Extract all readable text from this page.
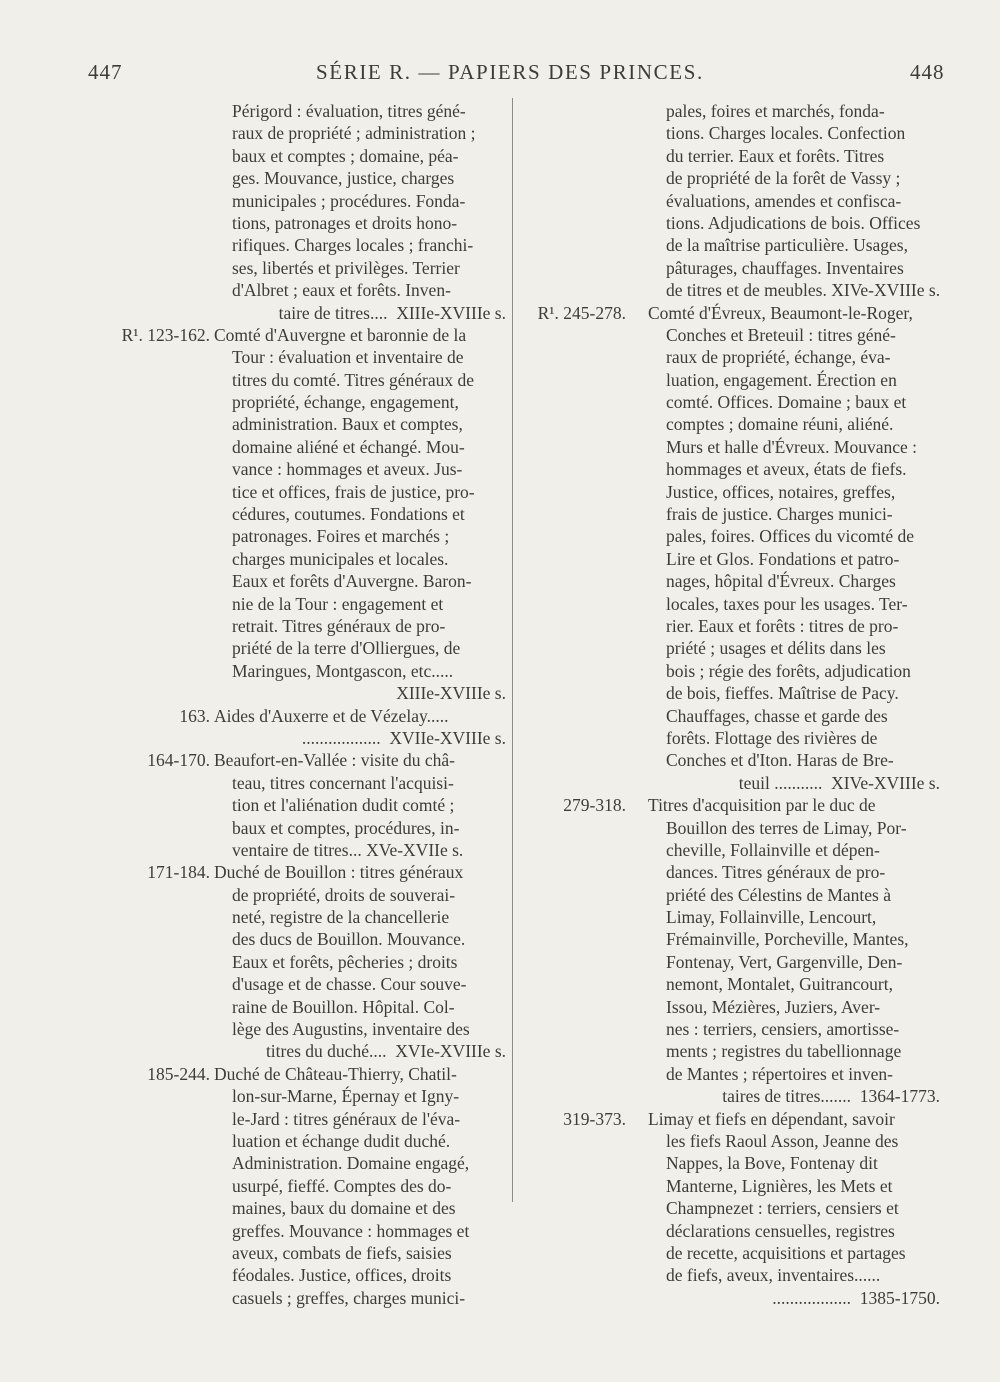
447	SÉRIE R. — PAPIERS DES PRINCES.	448
Périgord : évaluation, titres géné-
raux de propriété ; administration ;
baux et comptes ; domaine, péa-
ges. Mouvance, justice, charges
municipales ; procédures. Fonda-
tions, patronages et droits hono-
rifiques. Charges locales ; franchi-
ses, libertés et privilèges. Terrier
d'Albret ; eaux et forêts. Inven-
taire de titres....  XIIIe-XVIIIe s.
R¹. 123-162. Comté d'Auvergne et baronnie de la
Tour : évaluation et inventaire de
titres du comté. Titres généraux de
propriété, échange, engagement,
administration. Baux et comptes,
domaine aliéné et échangé. Mou-
vance : hommages et aveux. Jus-
tice et offices, frais de justice, pro-
cédures, coutumes. Fondations et
patronages. Foires et marchés ;
charges municipales et locales.
Eaux et forêts d'Auvergne. Baron-
nie de la Tour : engagement et
retrait. Titres généraux de pro-
priété de la terre d'Olliergues, de
Maringues, Montgascon, etc.....
XIIIe-XVIIIe s.
163. Aides d'Auxerre et de Vézelay.....
..................  XVIIe-XVIIIe s.
164-170. Beaufort-en-Vallée : visite du châ-
teau, titres concernant l'acquisi-
tion et l'aliénation dudit comté ;
baux et comptes, procédures, in-
ventaire de titres... XVe-XVIIe s.
171-184. Duché de Bouillon : titres généraux
de propriété, droits de souverai-
neté, registre de la chancellerie
des ducs de Bouillon. Mouvance.
Eaux et forêts, pêcheries ; droits
d'usage et de chasse. Cour souve-
raine de Bouillon. Hôpital. Col-
lège des Augustins, inventaire des
titres du duché....  XVIe-XVIIIe s.
185-244. Duché de Château-Thierry, Chatil-
lon-sur-Marne, Épernay et Igny-
le-Jard : titres généraux de l'éva-
luation et échange dudit duché.
Administration. Domaine engagé,
usurpé, fieffé. Comptes des do-
maines, baux du domaine et des
greffes. Mouvance : hommages et
aveux, combats de fiefs, saisies
féodales. Justice, offices, droits
casuels ; greffes, charges munici-
pales, foires et marchés, fonda-
tions. Charges locales. Confection
du terrier. Eaux et forêts. Titres
de propriété de la forêt de Vassy ;
évaluations, amendes et confisca-
tions. Adjudications de bois. Offices
de la maîtrise particulière. Usages,
pâturages, chauffages. Inventaires
de titres et de meubles. XIVe-XVIIIe s.
R¹. 245-278. Comté d'Évreux, Beaumont-le-Roger,
Conches et Breteuil : titres géné-
raux de propriété, échange, éva-
luation, engagement. Érection en
comté. Offices. Domaine ; baux et
comptes ; domaine réuni, aliéné.
Murs et halle d'Évreux. Mouvance :
hommages et aveux, états de fiefs.
Justice, offices, notaires, greffes,
frais de justice. Charges munici-
pales, foires. Offices du vicomté de
Lire et Glos. Fondations et patro-
nages, hôpital d'Évreux. Charges
locales, taxes pour les usages. Ter-
rier. Eaux et forêts : titres de pro-
priété ; usages et délits dans les
bois ; régie des forêts, adjudication
de bois, fieffes. Maîtrise de Pacy.
Chauffages, chasse et garde des
forêts. Flottage des rivières de
Conches et d'Iton. Haras de Bre-
teuil ...........  XIVe-XVIIIe s.
279-318. Titres d'acquisition par le duc de
Bouillon des terres de Limay, Por-
cheville, Follainville et dépen-
dances. Titres généraux de pro-
priété des Célestins de Mantes à
Limay, Follainville, Lencourt,
Frémainville, Porcheville, Mantes,
Fontenay, Vert, Gargenville, Den-
nemont, Montalet, Guitrancourt,
Issou, Mézières, Juziers, Aver-
nes : terriers, censiers, amortisse-
ments ; registres du tabellionnage
de Mantes ; répertoires et inven-
taires de titres.......  1364-1773.
319-373. Limay et fiefs en dépendant, savoir
les fiefs Raoul Asson, Jeanne des
Nappes, la Bove, Fontenay dit
Manterne, Lignières, les Mets et
Champnezet : terriers, censiers et
déclarations censuelles, registres
de recette, acquisitions et partages
de fiefs, aveux, inventaires......
..................  1385-1750.
